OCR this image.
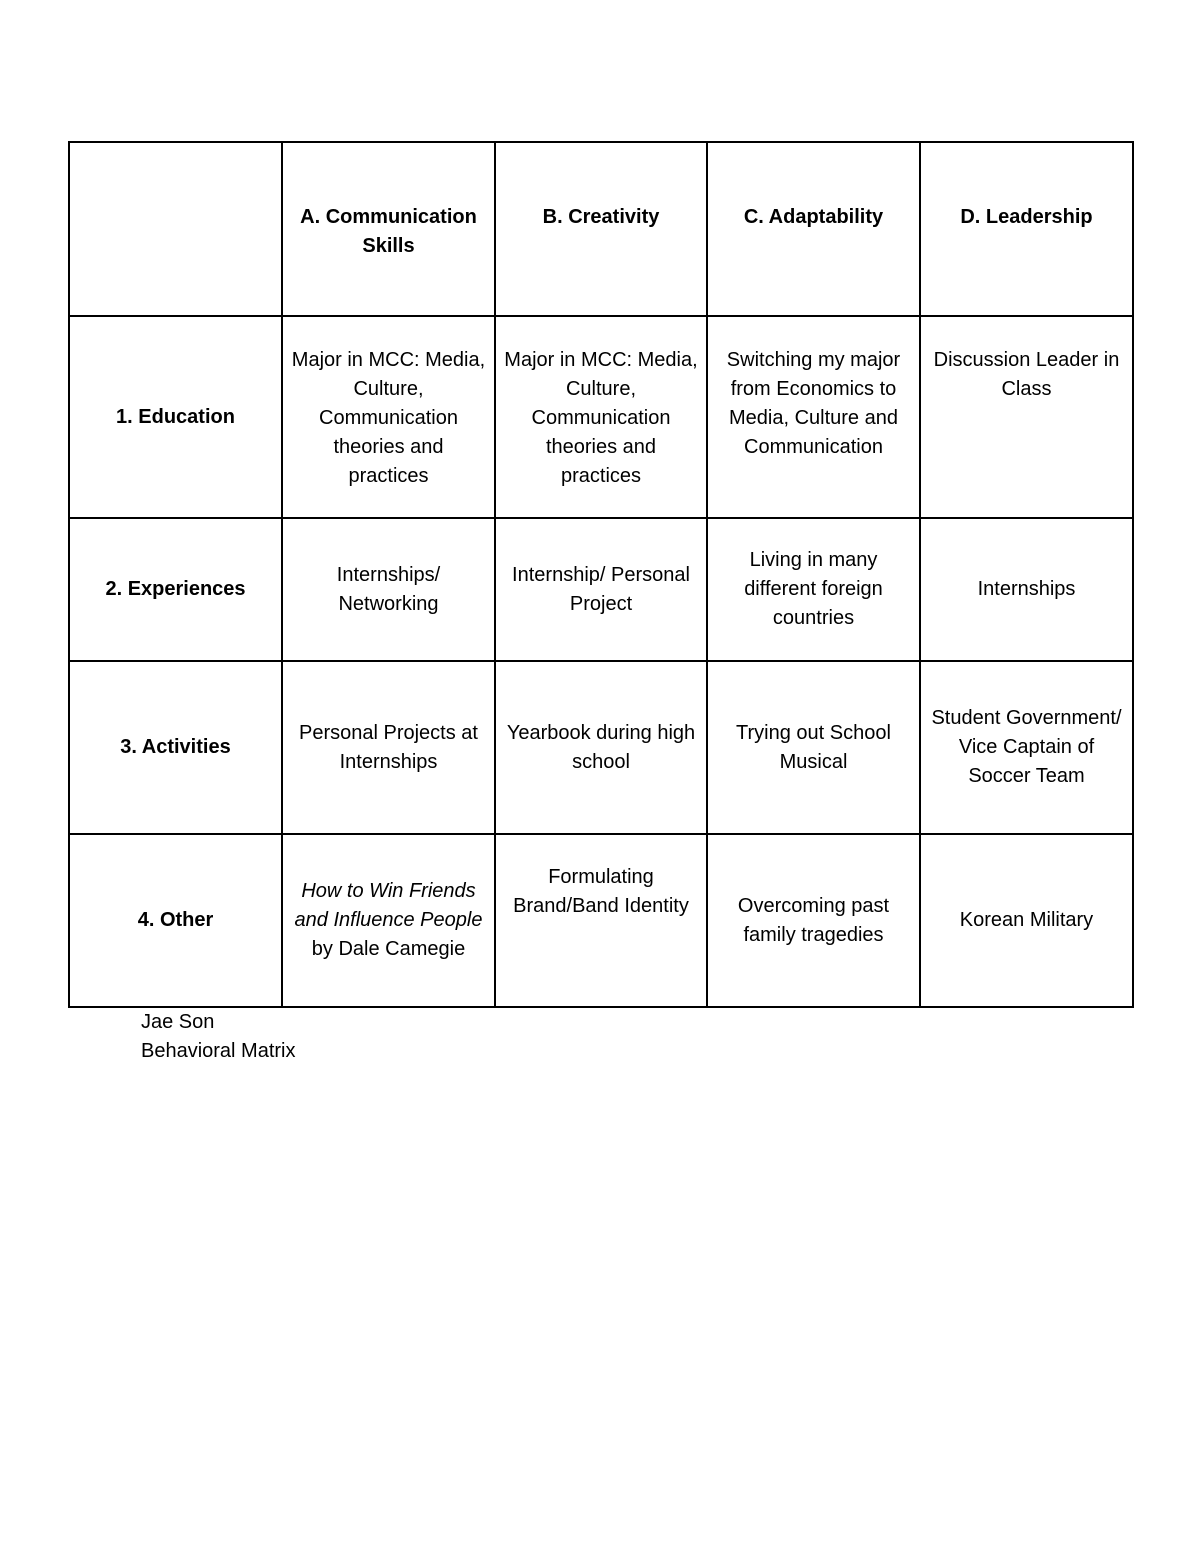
	A. Communication Skills	B. Creativity	C. Adaptability	D. Leadership
1. Education	Major in MCC: Media, Culture, Communication theories and practices	Major in MCC: Media, Culture, Communication theories and practices	Switching my major from Economics to Media, Culture and Communication	Discussion Leader in Class
2. Experiences	Internships/ Networking	Internship/ Personal Project	Living in many different foreign countries	Internships
3. Activities	Personal Projects at Internships	Yearbook during high school	Trying out School Musical	Student Government/ Vice Captain of Soccer Team
4. Other	How to Win Friends and Influence People by Dale Camegie	Formulating Brand/Band Identity	Overcoming past family tragedies	Korean Military
Jae Son
Behavioral Matrix
